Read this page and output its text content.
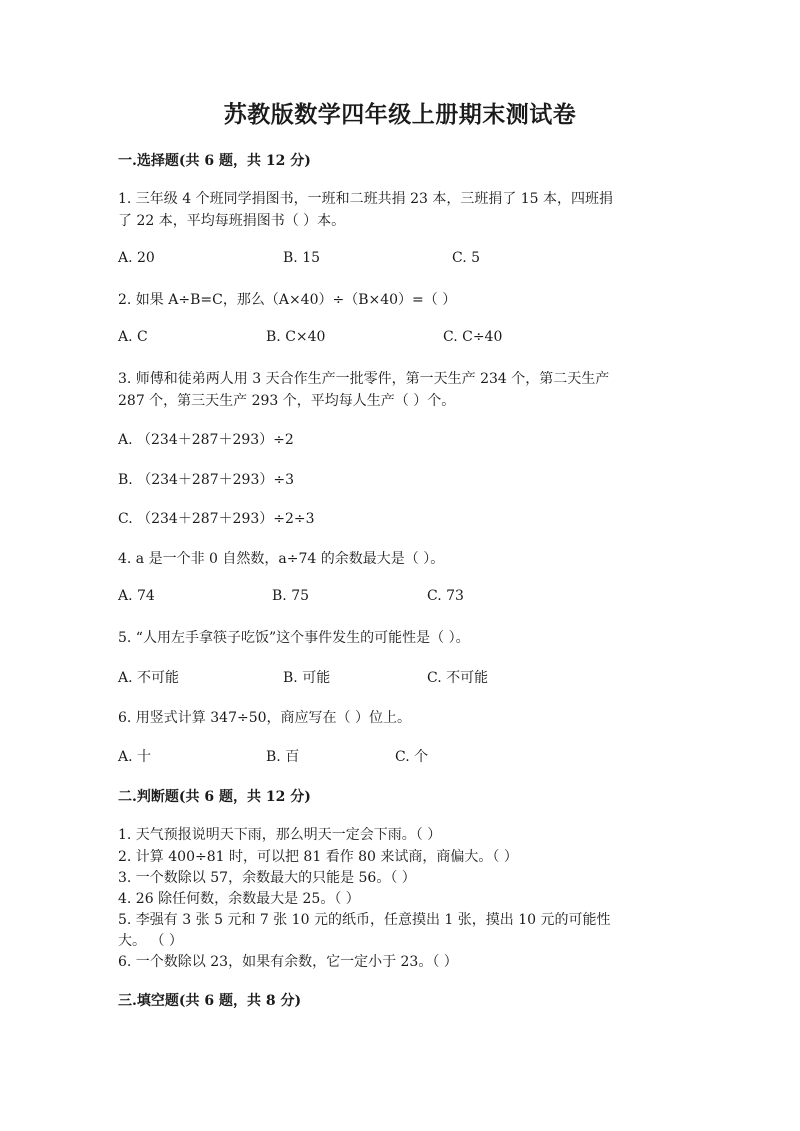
苏教版数学四年级上册期末测试卷
一.选择题(共 6 题，共 12 分)
1. 三年级 4 个班同学捐图书，一班和二班共捐 23 本，三班捐了 15 本，四班捐
了 22 本，平均每班捐图书（ ）本。
A. 20	B. 15	C. 5
2. 如果 A÷B=C，那么（A×40）÷（B×40）=（ ）
A. C	B. C×40	C. C÷40
3. 师傅和徒弟两人用 3 天合作生产一批零件，第一天生产 234 个，第二天生产
287 个，第三天生产 293 个，平均每人生产（ ）个。
A. （234＋287＋293）÷2
B. （234＋287＋293）÷3
C. （234＋287＋293）÷2÷3
4. a 是一个非 0 自然数，a÷74 的余数最大是（ ）。
A. 74	B. 75	C. 73
5. “人用左手拿筷子吃饭”这个事件发生的可能性是（ ）。
A. 不可能	B. 可能	C. 不可能
6. 用竖式计算 347÷50，商应写在（ ）位上。
A. 十	B. 百	C. 个
二.判断题(共 6 题，共 12 分)
1. 天气预报说明天下雨，那么明天一定会下雨。（ ）
2. 计算 400÷81 时，可以把 81 看作 80 来试商，商偏大。（ ）
3. 一个数除以 57，余数最大的只能是 56。（ ）
4. 26 除任何数，余数最大是 25。（ ）
5. 李强有 3 张 5 元和 7 张 10 元的纸币，任意摸出 1 张，摸出 10 元的可能性
大。 （ ）
6. 一个数除以 23，如果有余数，它一定小于 23。（ ）
三.填空题(共 6 题，共 8 分)
